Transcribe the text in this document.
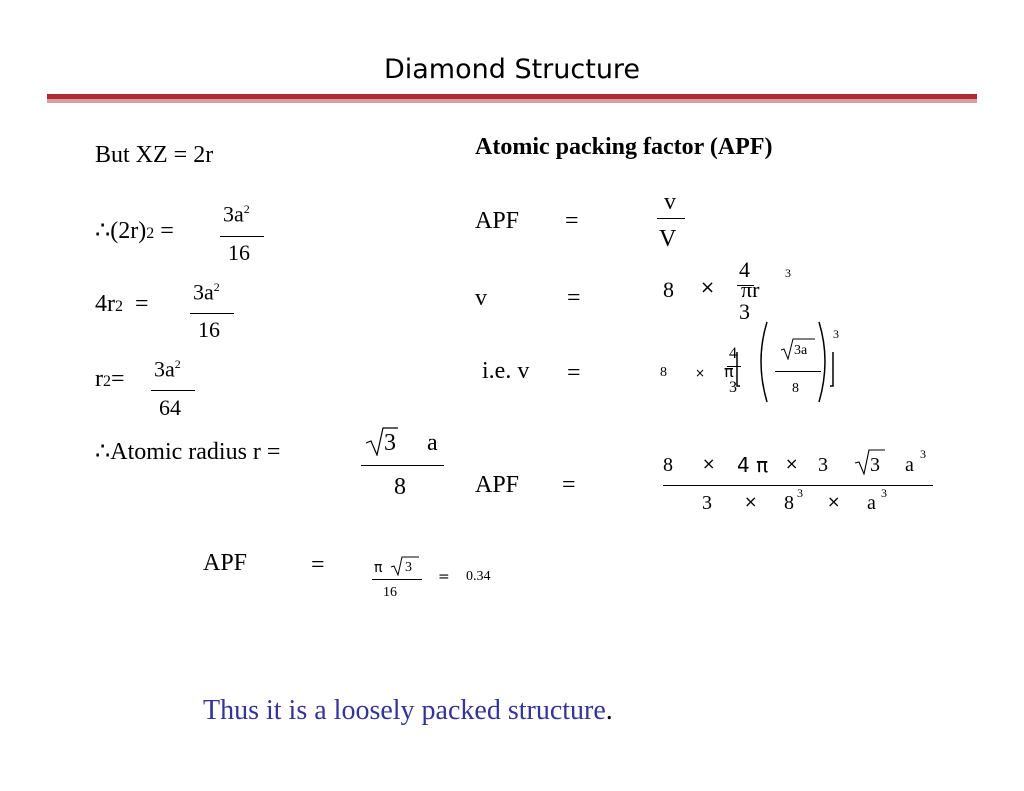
Diamond Structure
But XZ = 2r
∴(2r)2 =
$3a^2$
16
$4r2 = 3a^2$
16
$r2= 3a^2$
64
∴Atomic radius r =	3 a
8
APF	=	π 3
16
= 0.34
Atomic packing factor (APF)
APF =
v
V
v	=	8 ×
4
3
πr
3
i.e. v =	8 ×
4
3
π
3a
8
3
APF =
8 × 4 π × 3 3 a 3
3 × 8 3 × a 3
Thus it is a loosely packed structure.
